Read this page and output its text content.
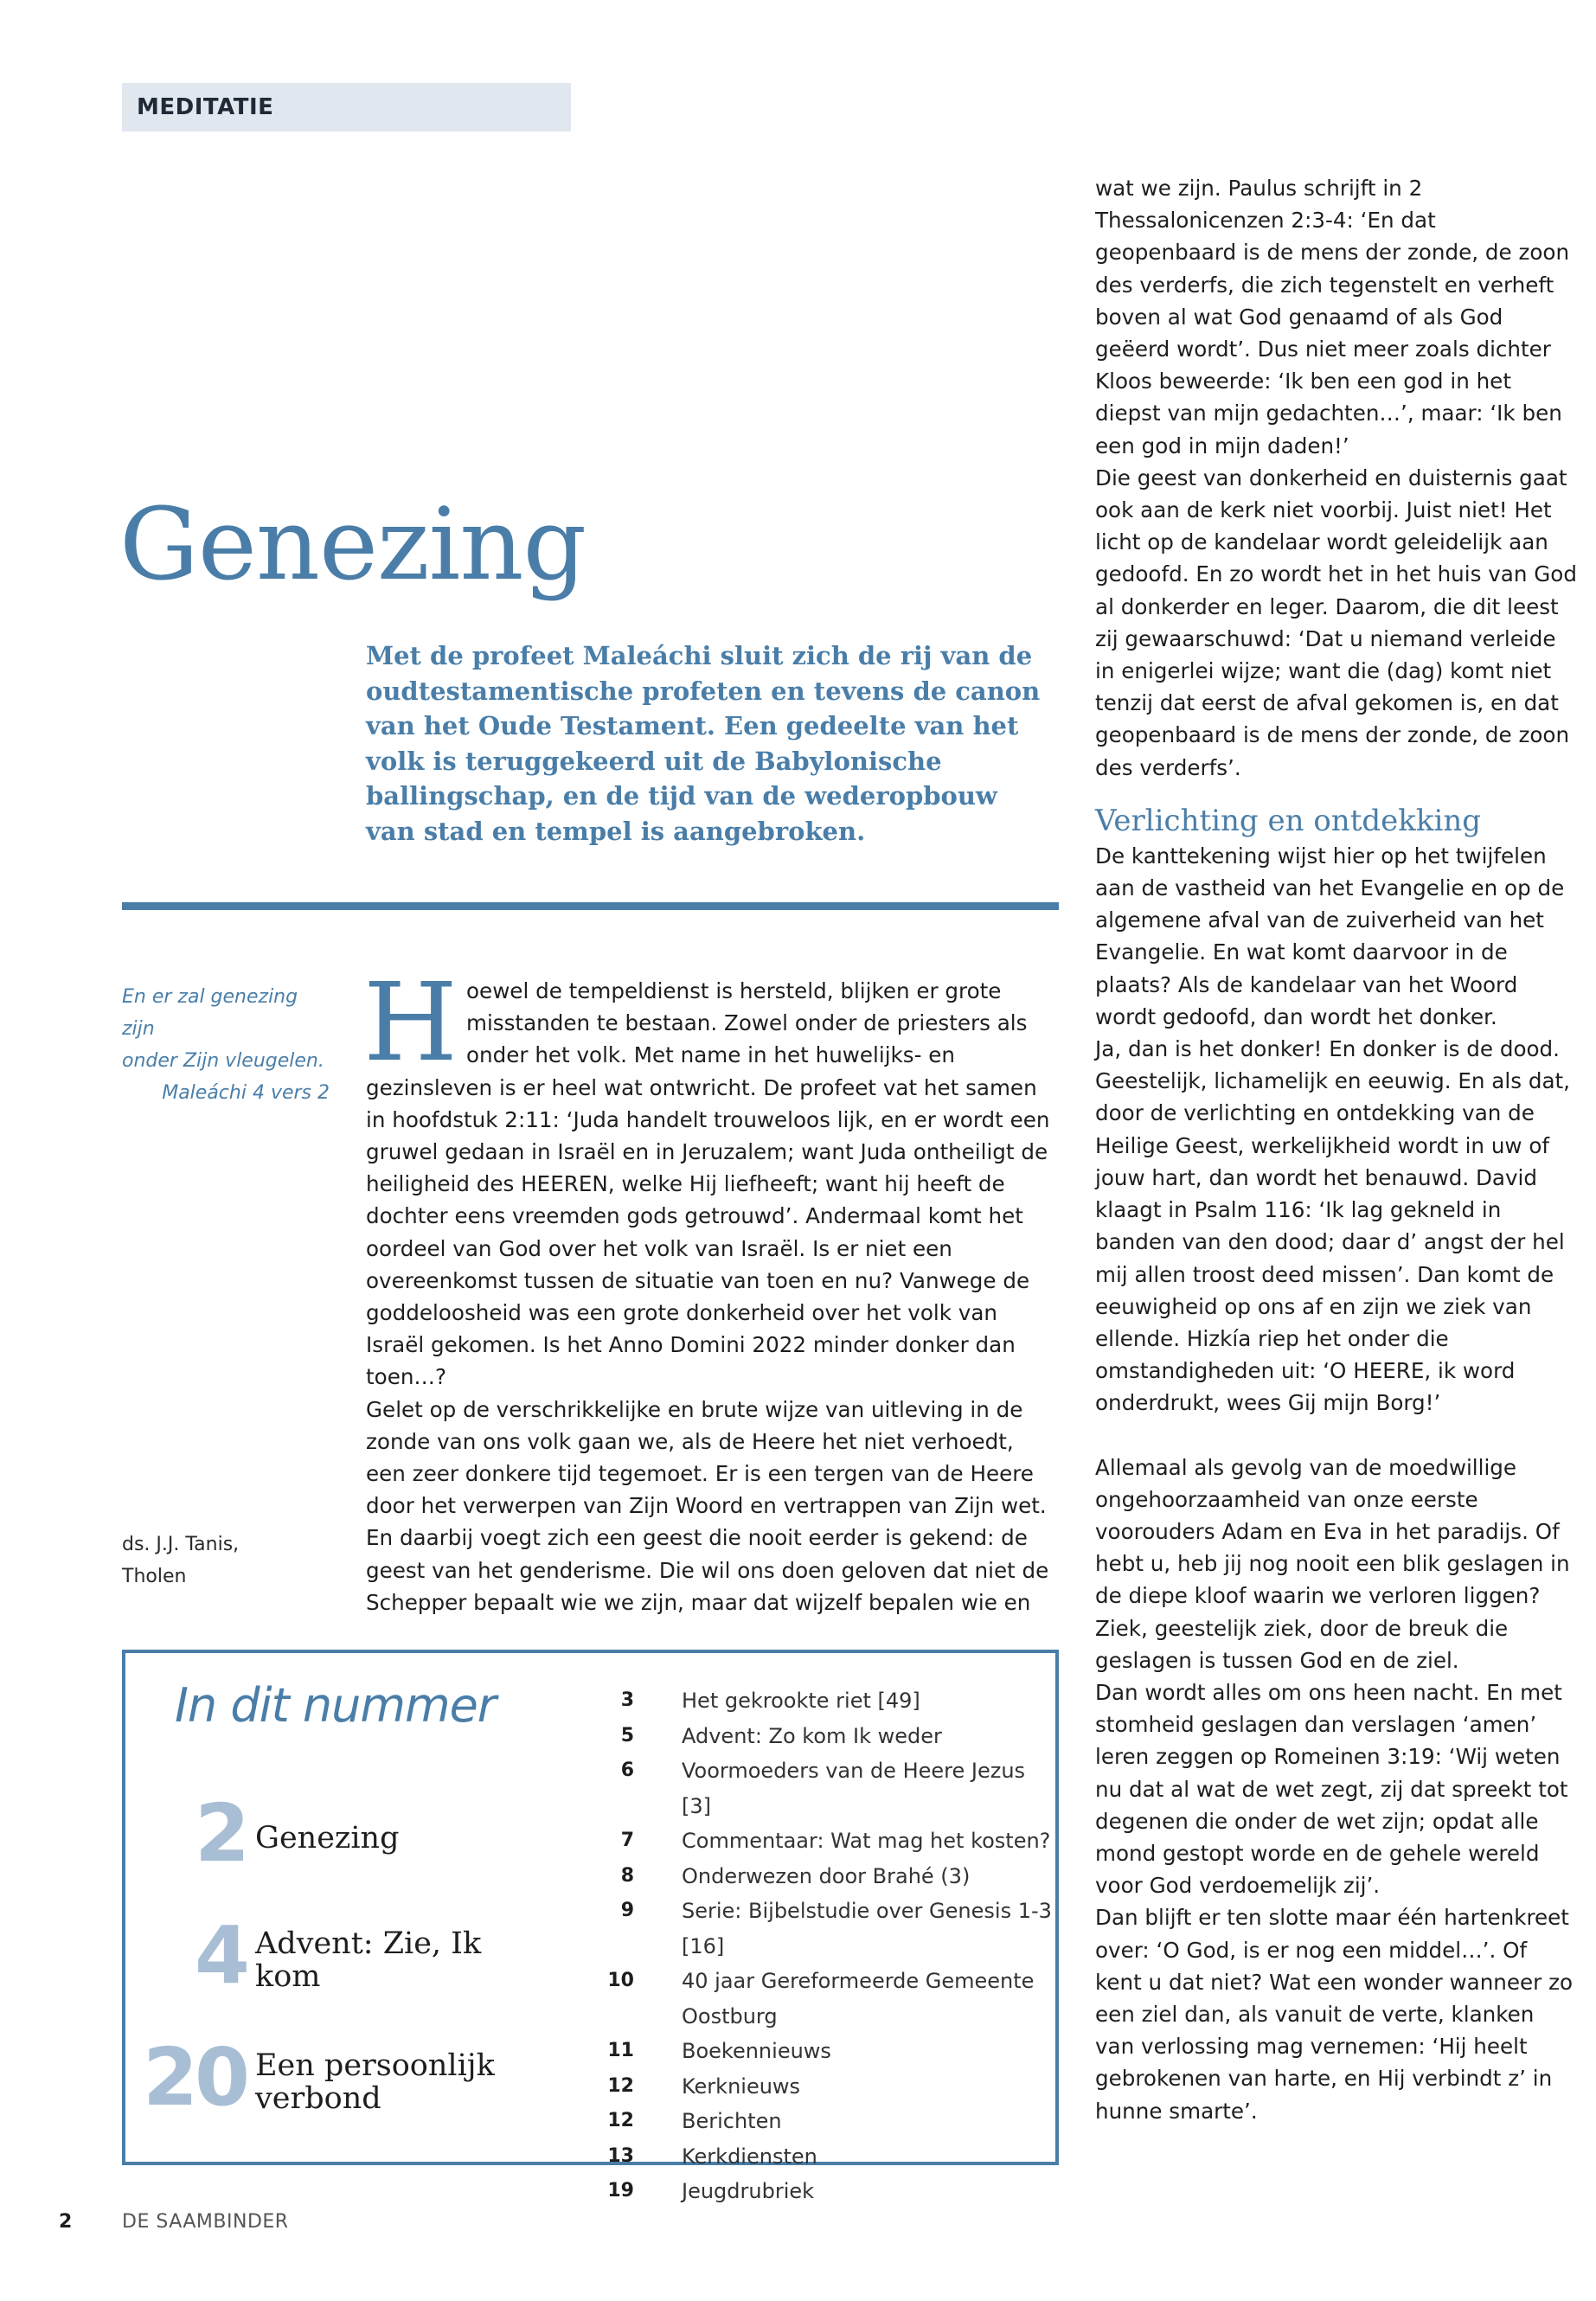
MEDITATIE
Genezing

Met de profeet Maleáchi sluit zich de rij van de oudtestamentische profeten en tevens de canon van het Oude Testament. Een gedeelte van het volk is teruggekeerd uit de Babylonische ballingschap, en de tijd van de wederopbouw van stad en tempel is aangebroken.

En er zal genezing zijn
onder Zijn vleugelen.
Maleáchi 4 vers 2
ds. J.J. Tanis,
Tholen

Hoewel de tempeldienst is hersteld, blijken er grote misstanden te bestaan. Zowel onder de priesters als onder het volk. Met name in het huwelijks- en gezinsleven is er heel wat ontwricht. De profeet vat het samen in hoofdstuk 2:11: ‘Juda handelt trouweloos lijk, en er wordt een gruwel gedaan in Israël en in Jeruzalem; want Juda ontheiligt de heiligheid des HEEREN, welke Hij liefheeft; want hij heeft de dochter eens vreemden gods getrouwd’. Andermaal komt het oordeel van God over het volk van Israël. Is er niet een overeenkomst tussen de situatie van toen en nu? Vanwege de goddeloosheid was een grote donkerheid over het volk van Israël gekomen. Is het Anno Domini 2022 minder donker dan toen…?

Gelet op de verschrikkelijke en brute wijze van uitleving in de zonde van ons volk gaan we, als de Heere het niet verhoedt, een zeer donkere tijd tegemoet. Er is een tergen van de Heere door het verwerpen van Zijn Woord en vertrappen van Zijn wet. En daarbij voegt zich een geest die nooit eerder is gekend: de geest van het genderisme. Die wil ons doen geloven dat niet de Schepper bepaalt wie we zijn, maar dat wijzelf bepalen wie en

wat we zijn. Paulus schrijft in 2 Thessalonicenzen 2:3-4: ‘En dat geopenbaard is de mens der zonde, de zoon des verderfs, die zich tegenstelt en verheft boven al wat God genaamd of als God geëerd wordt’. Dus niet meer zoals dichter Kloos beweerde: ‘Ik ben een god in het diepst van mijn gedachten…’, maar: ‘Ik ben een god in mijn daden!’

Die geest van donkerheid en duisternis gaat ook aan de kerk niet voorbij. Juist niet! Het licht op de kandelaar wordt geleidelijk aan gedoofd. En zo wordt het in het huis van God al donkerder en leger. Daarom, die dit leest zij gewaarschuwd: ‘Dat u niemand verleide in enigerlei wijze; want die (dag) komt niet tenzij dat eerst de afval gekomen is, en dat geopenbaard is de mens der zonde, de zoon des verderfs’.

Verlichting en ontdekking

De kanttekening wijst hier op het twijfelen aan de vastheid van het Evangelie en op de algemene afval van de zuiverheid van het Evangelie. En wat komt daarvoor in de plaats? Als de kandelaar van het Woord wordt gedoofd, dan wordt het donker.

Ja, dan is het donker! En donker is de dood. Geestelijk, lichamelijk en eeuwig. En als dat, door de verlichting en ontdekking van de Heilige Geest, werkelijkheid wordt in uw of jouw hart, dan wordt het benauwd. David klaagt in Psalm 116: ‘Ik lag gekneld in banden van den dood; daar d’ angst der hel mij allen troost deed missen’. Dan komt de eeuwigheid op ons af en zijn we ziek van ellende. Hizkía riep het onder die omstandigheden uit: ‘O HEERE, ik word onderdrukt, wees Gij mijn Borg!’

Allemaal als gevolg van de moedwillige ongehoorzaamheid van onze eerste voorouders Adam en Eva in het paradijs. Of hebt u, heb jij nog nooit een blik geslagen in de diepe kloof waarin we verloren liggen? Ziek, geestelijk ziek, door de breuk die geslagen is tussen God en de ziel.

Dan wordt alles om ons heen nacht. En met stomheid geslagen dan verslagen ‘amen’ leren zeggen op Romeinen 3:19: ‘Wij weten nu dat al wat de wet zegt, zij dat spreekt tot degenen die onder de wet zijn; opdat alle mond gestopt worde en de gehele wereld voor God verdoemelijk zij’.

Dan blijft er ten slotte maar één hartenkreet over: ‘O God, is er nog een middel…’. Of kent u dat niet? Wat een wonder wanneer zo een ziel dan, als vanuit de verte, klanken van verlossing mag vernemen: ‘Hij heelt gebrokenen van harte, en Hij verbindt z’ in hunne smarte’.

In dit nummer
2 Genezing
4 Advent: Zie, Ik kom
20 Een persoonlijk verbond
3 Het gekrookte riet [49]
5 Advent: Zo kom Ik weder
6 Voormoeders van de Heere Jezus [3]
7 Commentaar: Wat mag het kosten?
8 Onderwezen door Brahé (3)
9 Serie: Bijbelstudie over Genesis 1-3 [16]
10 40 jaar Gereformeerde Gemeente Oostburg
11 Boekennieuws
12 Kerknieuws
12 Berichten
13 Kerkdiensten
19 Jeugdrubriek
2	DE SAAMBINDER
